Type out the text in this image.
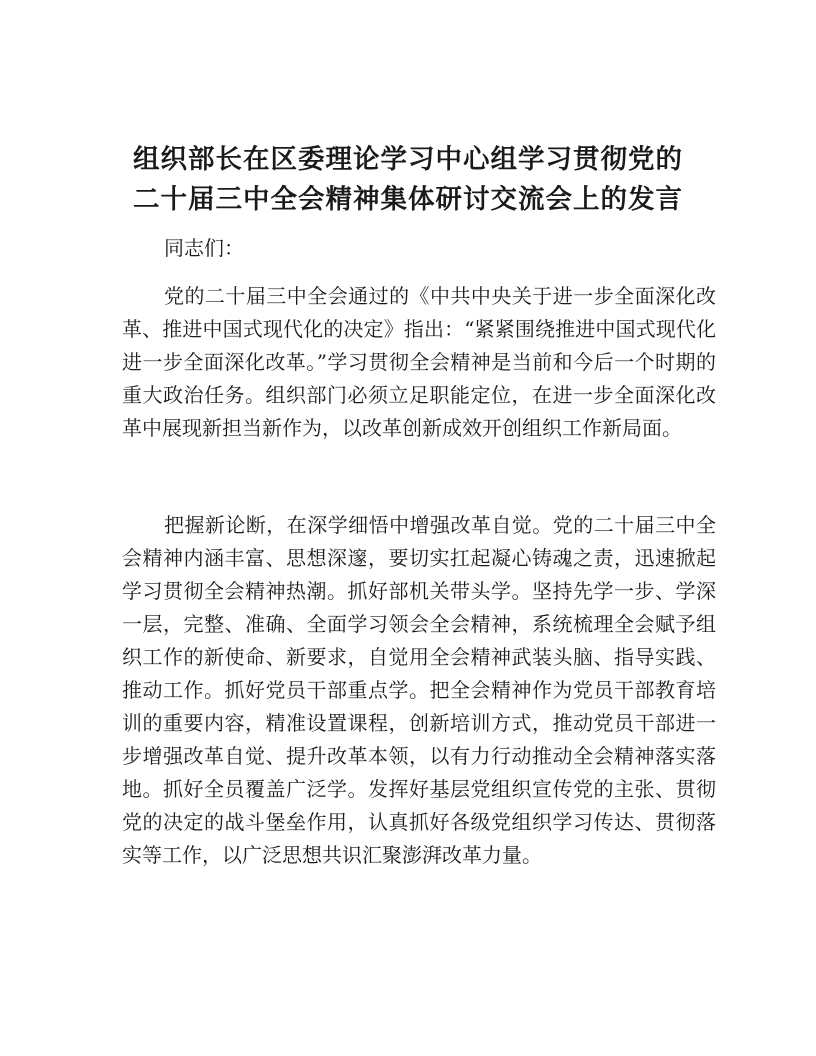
组织部长在区委理论学习中心组学习贯彻党的
二十届三中全会精神集体研讨交流会上的发言

同志们：

党的二十届三中全会通过的《中共中央关于进一步全面深化改革、推进中国式现代化的决定》指出：“紧紧围绕推进中国式现代化进一步全面深化改革。”学习贯彻全会精神是当前和今后一个时期的重大政治任务。组织部门必须立足职能定位，在进一步全面深化改革中展现新担当新作为，以改革创新成效开创组织工作新局面。

把握新论断，在深学细悟中增强改革自觉。党的二十届三中全会精神内涵丰富、思想深邃，要切实扛起凝心铸魂之责，迅速掀起学习贯彻全会精神热潮。抓好部机关带头学。坚持先学一步、学深一层，完整、准确、全面学习领会全会精神，系统梳理全会赋予组织工作的新使命、新要求，自觉用全会精神武装头脑、指导实践、推动工作。抓好党员干部重点学。把全会精神作为党员干部教育培训的重要内容，精准设置课程，创新培训方式，推动党员干部进一步增强改革自觉、提升改革本领，以有力行动推动全会精神落实落地。抓好全员覆盖广泛学。发挥好基层党组织宣传党的主张、贯彻党的决定的战斗堡垒作用，认真抓好各级党组织学习传达、贯彻落实等工作，以广泛思想共识汇聚澎湃改革力量。
